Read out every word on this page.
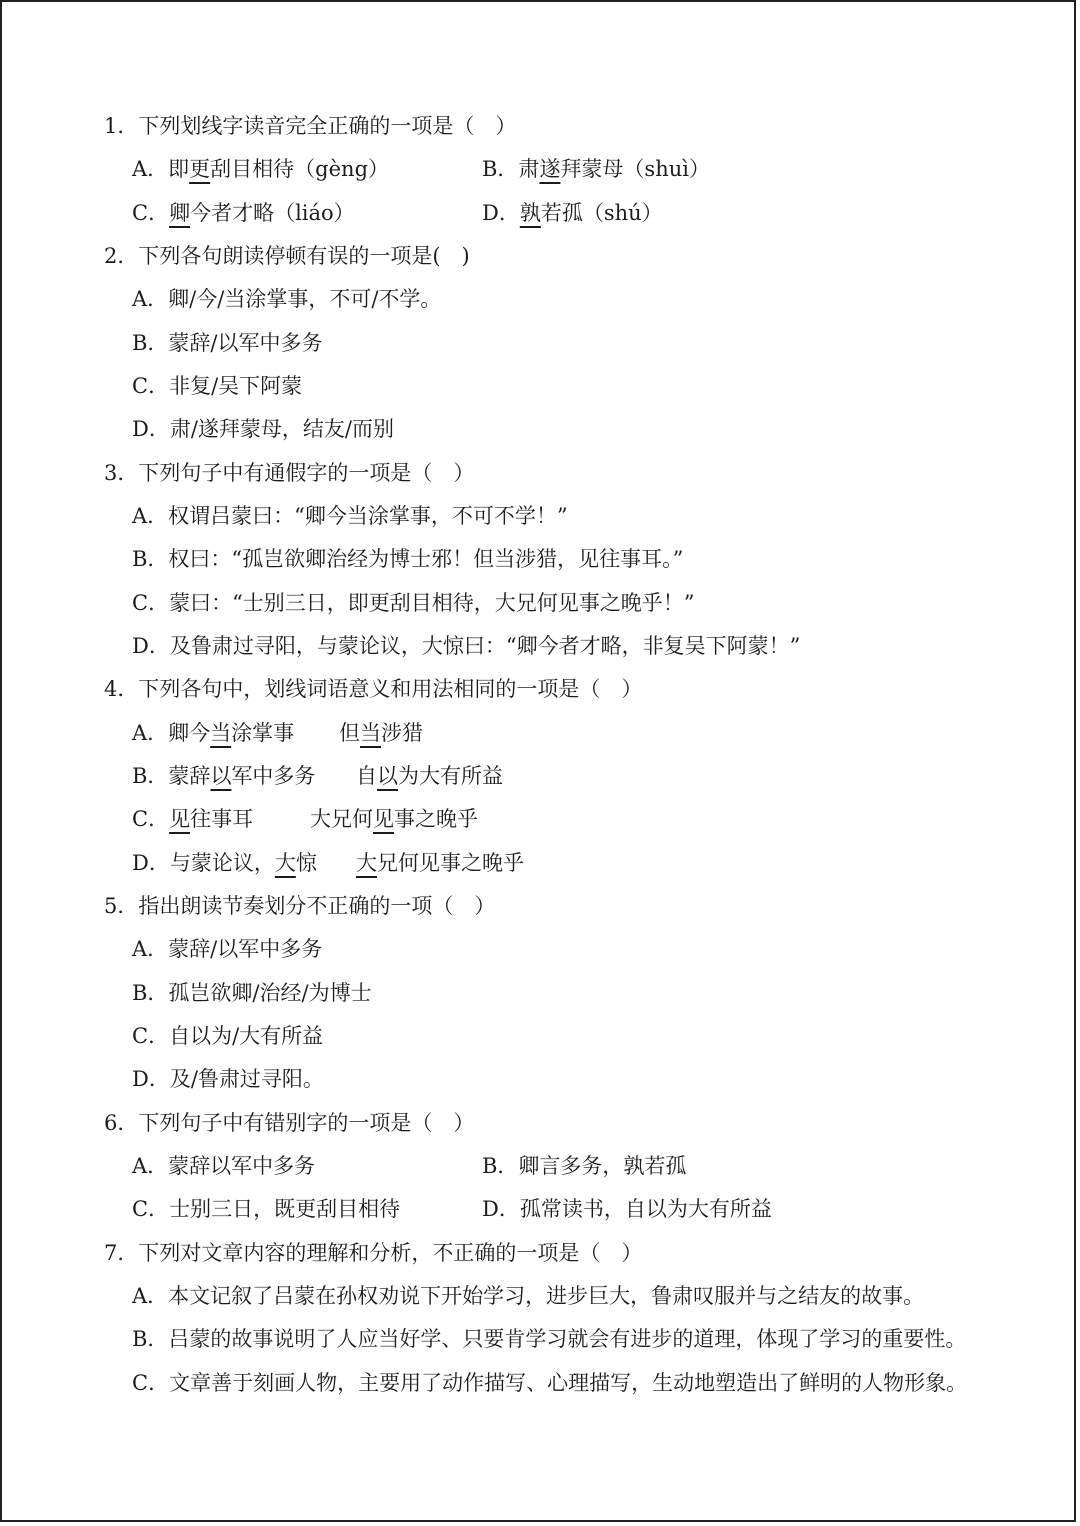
1．下列划线字读音完全正确的一项是（　）
A．即更刮目相待（gèng）	B．肃遂拜蒙母（shuì）
C．卿今者才略（liáo）	D．孰若孤（shú）
2．下列各句朗读停顿有误的一项是(　)
A．卿/今/当涂掌事，不可/不学。
B．蒙辞/以军中多务
C．非复/吴下阿蒙
D．肃/遂拜蒙母，结友/而别
3．下列句子中有通假字的一项是（　）
A．权谓吕蒙曰：“卿今当涂掌事，不可不学！”
B．权曰：“孤岂欲卿治经为博士邪！但当涉猎，见往事耳。”
C．蒙曰：“士别三日，即更刮目相待，大兄何见事之晚乎！”
D．及鲁肃过寻阳，与蒙论议，大惊曰：“卿今者才略，非复吴下阿蒙！”
4．下列各句中，划线词语意义和用法相同的一项是（　）
A．卿今当涂掌事 但当涉猎
B．蒙辞以军中多务 自以为大有所益
C．见往事耳	大兄何见事之晚乎
D．与蒙论议，大惊 大兄何见事之晚乎
5．指出朗读节奏划分不正确的一项（　）
A．蒙辞/以军中多务
B．孤岂欲卿/治经/为博士
C．自以为/大有所益
D．及/鲁肃过寻阳。
6．下列句子中有错别字的一项是（　）
A．蒙辞以军中多务	B．卿言多务，孰若孤
C．士别三日，既更刮目相待	D．孤常读书，自以为大有所益
7．下列对文章内容的理解和分析，不正确的一项是（　）
A．本文记叙了吕蒙在孙权劝说下开始学习，进步巨大，鲁肃叹服并与之结友的故事。
B．吕蒙的故事说明了人应当好学、只要肯学习就会有进步的道理，体现了学习的重要性。
C．文章善于刻画人物，主要用了动作描写、心理描写，生动地塑造出了鲜明的人物形象。
